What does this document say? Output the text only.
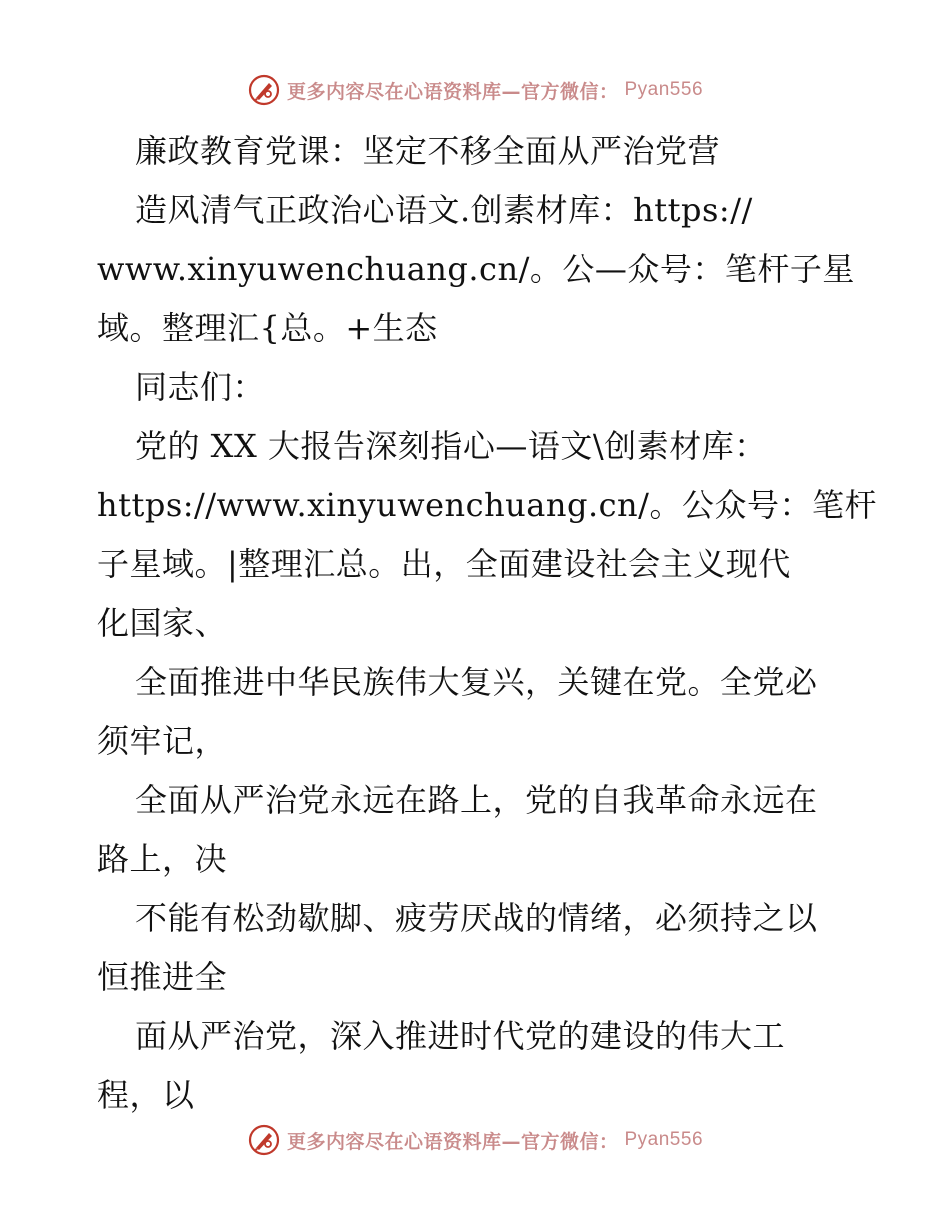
更多内容尽在心语资料库—官方微信： Pyan556
廉政教育党课：坚定不移全面从严治党营
造风清气正政治心语文.创素材库：https://
www.xinyuwenchuang.cn/。公—众号：笔杆子星
域。整理汇{总。+生态
同志们：
党的 XX 大报告深刻指心—语文\创素材库：
https://www.xinyuwenchuang.cn/。公众号：笔杆
子星域。|整理汇总。出，全面建设社会主义现代
化国家、
全面推进中华民族伟大复兴，关键在党。全党必
须牢记，
全面从严治党永远在路上，党的自我革命永远在
路上，决
不能有松劲歇脚、疲劳厌战的情绪，必须持之以
恒推进全
面从严治党，深入推进时代党的建设的伟大工
程，以
更多内容尽在心语资料库—官方微信： Pyan556
